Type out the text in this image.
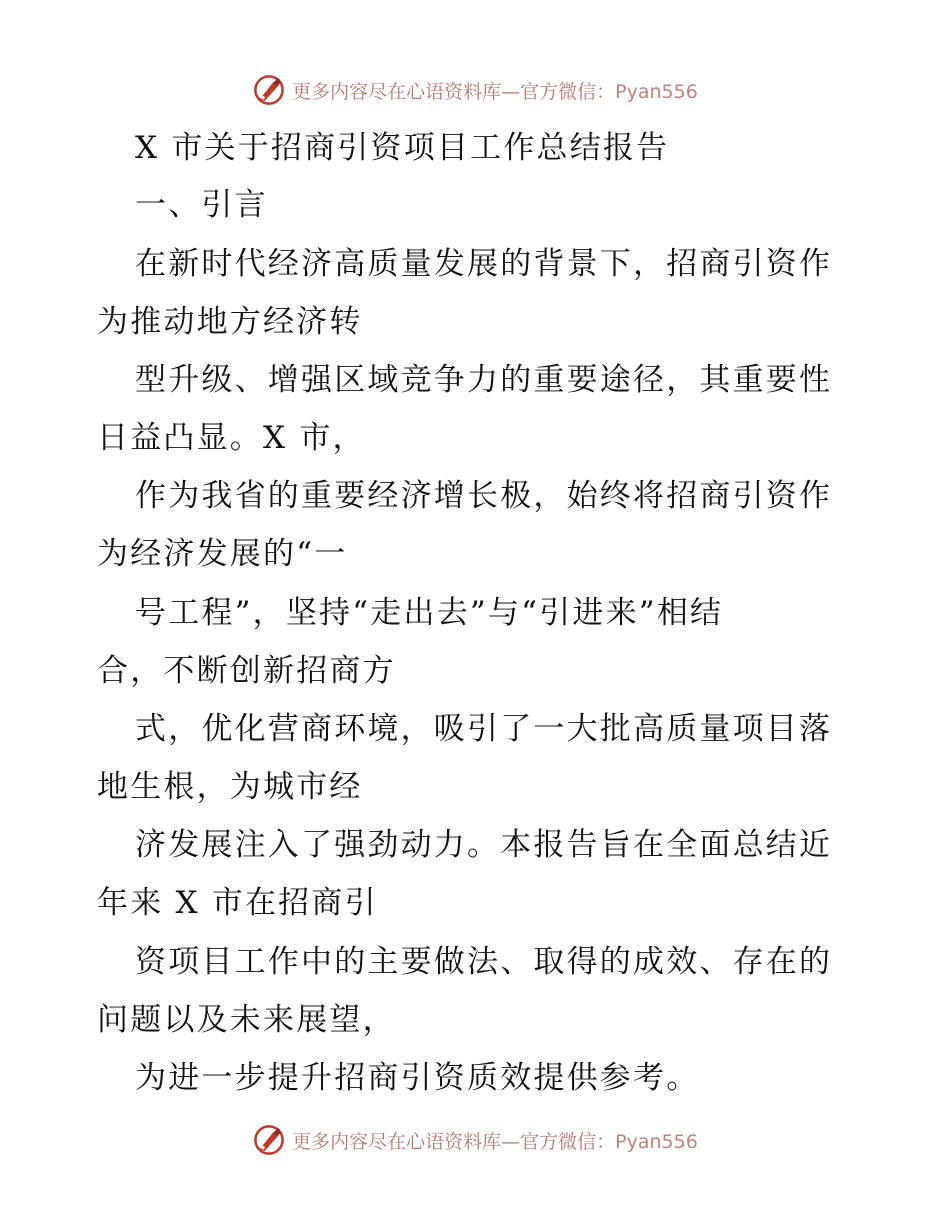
更多内容尽在心语资料库—官方微信：Pyan556
X 市关于招商引资项目工作总结报告
一、引言
在新时代经济高质量发展的背景下，招商引资作
为推动地方经济转
型升级、增强区域竞争力的重要途径，其重要性
日益凸显。X 市，
作为我省的重要经济增长极，始终将招商引资作
为经济发展的“一
号工程”，坚持“走出去”与“引进来”相结
合，不断创新招商方
式，优化营商环境，吸引了一大批高质量项目落
地生根，为城市经
济发展注入了强劲动力。本报告旨在全面总结近
年来 X 市在招商引
资项目工作中的主要做法、取得的成效、存在的
问题以及未来展望，
为进一步提升招商引资质效提供参考。
更多内容尽在心语资料库—官方微信：Pyan556
